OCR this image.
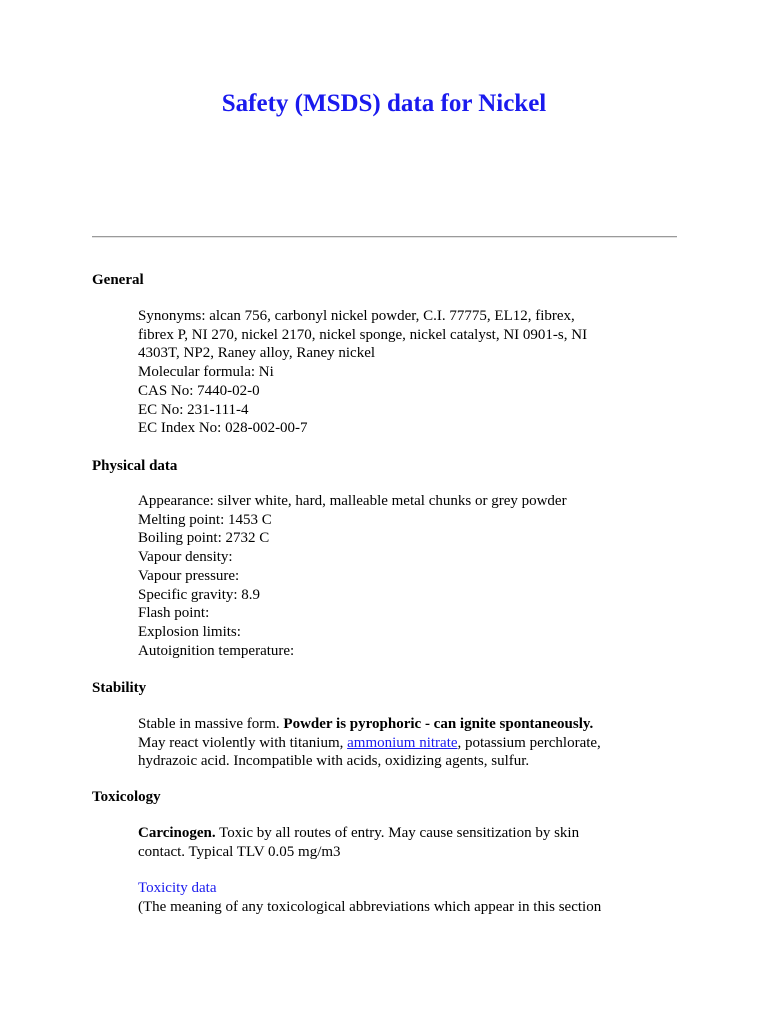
Safety (MSDS) data for Nickel
General
Synonyms: alcan 756, carbonyl nickel powder, C.I. 77775, EL12, fibrex,
fibrex P, NI 270, nickel 2170, nickel sponge, nickel catalyst, NI 0901-s, NI
4303T, NP2, Raney alloy, Raney nickel
Molecular formula: Ni
CAS No: 7440-02-0
EC No: 231-111-4
EC Index No: 028-002-00-7
Physical data
Appearance: silver white, hard, malleable metal chunks or grey powder
Melting point: 1453 C
Boiling point: 2732 C
Vapour density:
Vapour pressure:
Specific gravity: 8.9
Flash point:
Explosion limits:
Autoignition temperature:
Stability
Stable in massive form. Powder is pyrophoric - can ignite spontaneously.
May react violently with titanium, ammonium nitrate, potassium perchlorate,
hydrazoic acid. Incompatible with acids, oxidizing agents, sulfur.
Toxicology
Carcinogen. Toxic by all routes of entry. May cause sensitization by skin
contact. Typical TLV 0.05 mg/m3
Toxicity data
(The meaning of any toxicological abbreviations which appear in this section
